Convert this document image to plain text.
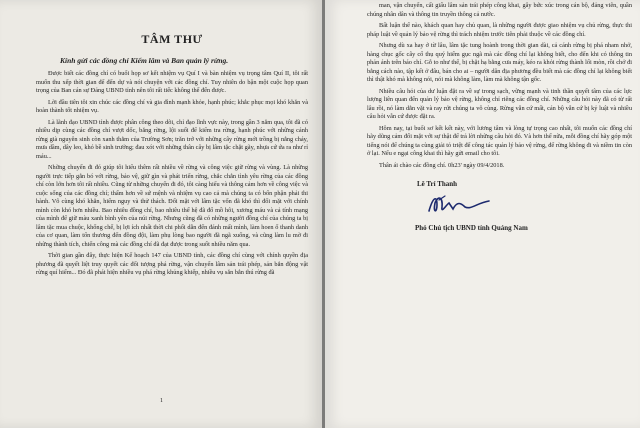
TÂM THƯ
Kính gửi các đồng chí Kiểm lâm và Ban quản lý rừng.

Được biết các đồng chí có buổi họp sơ kết nhiệm vụ Quí I và bàn nhiệm vụ trọng tâm Quí II, tôi rất muốn thu xếp thời gian để đến dự và nói chuyện với các đồng chí. Tuy nhiên do bận một cuộc họp quan trọng của Ban cán sự Đảng UBND tỉnh nên tôi rất tiếc không thể đến được.

Lời đầu tiên tôi xin chúc các đồng chí và gia đình mạnh khỏe, hạnh phúc; khắc phục mọi khó khăn và hoàn thành tốt nhiệm vụ.

Là lãnh đạo UBND tỉnh được phân công theo dõi, chỉ đạo lĩnh vực này, trong gần 3 năm qua, tôi đã có nhiều dịp cùng các đồng chí vượt dốc, băng rừng, lội suối để kiểm tra rừng, hạnh phúc với những cánh rừng già nguyên sinh còn xanh thẳm của Trường Sơn; trăn trở với những cây rừng mới trồng bị nắng cháy, mưa dầm, dây leo, khó bề sinh trưởng; đau xót với những thân cây bị lâm tặc chặt gãy, nhựa cứ ứa ra như rỉ máu...

Những chuyến đi đó giúp tôi hiểu thêm rất nhiều về rừng và công việc giữ rừng và vùng. Là những người trực tiếp gắn bó với rừng, bảo vệ, giữ gìn và phát triển rừng, chắc chắn tình yêu rừng của các đồng chí còn lớn hơn tôi rất nhiều. Cũng từ những chuyến đi đó, tôi càng hiểu và thông cảm hơn về công việc và cuộc sống của các đồng chí; thấm hơn về sứ mệnh và nhiệm vụ cao cả mà chúng ta có bổn phận phải thi hành. Vô cùng khó khăn, hiểm nguy và thử thách. Đối mặt với lâm tặc vốn đã khó thì đối mặt với chính mình còn khó hơn nhiều. Bao nhiêu đồng chí, bao nhiêu thế hệ đã đổ mồ hôi, xương máu và cả tính mạng của mình để giữ màu xanh bình yên của núi rừng. Nhưng cũng đã có những người đồng chí của chúng ta bị lâm tặc mua chuộc, khống chế, bị lợi ích nhất thời chi phối dẫn đến đánh mất mình, làm hoen ố thanh danh của cơ quan, làm tổn thương đến đồng đội, làm phụ lòng bao người đã ngã xuống, và cũng làm lu mờ đi những thành tích, chiến công mà các đồng chí đã đạt được trong suốt nhiều năm qua.

Thời gian gần đây, thực hiện Kế hoạch 147 của UBND tỉnh, các đồng chí cùng với chính quyền địa phương đã quyết liệt truy quyết các đối tượng phá rừng, vận chuyển lâm sản trái phép, sản bắn động vật rừng quí hiếm... Đó đã phát hiện nhiều vụ phá rừng khủng khiếp, nhiều vụ săn bắn thú rừng đã

1

man, vận chuyển, cất giấu lâm sản trái phép công khai, gây bức xúc trong cán bộ, đảng viên, quần chúng nhân dân và thông tin truyền thông cả nước.

Bất luận thế nào, khách quan hay chủ quan, là những người được giao nhiệm vụ chủ rừng, thực thi pháp luật về quản lý bảo vệ rừng thì trách nhiệm trước tiên phải thuộc về các đồng chí.

Nhưng dù xa hay ở từ lâu, lâm tặc tung hoành trong thời gian dài, cả cánh rừng bị phá nham nhở, hàng chục gốc cây cổ thụ quý hiếm gục ngã mà các đồng chí lại không biết, cho đến khi có thông tin phản ánh trên báo chí. Gỗ to như thế, bị chặt hạ bằng cưa máy, kéo ra khỏi rừng thành lối mòn, rồi chở đi bằng cách nào, tập kết ở đâu, bán cho ai – người dân địa phương đều biết mà các đồng chí lại không biết thì thật khó mà không nói, nói mà không làm, làm mà không tận gốc.

Nhiều câu hỏi của dư luận đặt ra về sự trong sạch, vững mạnh và tinh thần quyết tâm của các lực lượng liên quan đến quản lý bảo vệ rừng, không chỉ riêng các đồng chí. Những câu hỏi này đã có từ rất lâu rồi, nó làm dằn vặt và ray rứt chúng ta vô cùng. Rừng vẫn cứ mất, cán bộ vẫn cứ bị kỷ luật và nhiều câu hỏi vẫn cứ được đặt ra.

Hôm nay, tại buổi sơ kết kết này, với lương tâm và lòng tự trọng cao nhất, tôi muốn các đồng chí hãy dũng cảm đối mặt với sự thật để trả lời những câu hỏi đó. Và hơn thế nữa, mỗi đồng chí hãy góp một tiếng nói để chúng ta cùng giải tỏ triệt để công tác quản lý bảo vệ rừng, để rừng không đi và niềm tin còn ở lại. Nếu e ngại công khai thì hãy gửi email cho tôi.

Thân ái chào các đồng chí. 0h23' ngày 09/4/2018.

Lê Trí Thanh
Phó Chủ tịch UBND tỉnh Quảng Nam
